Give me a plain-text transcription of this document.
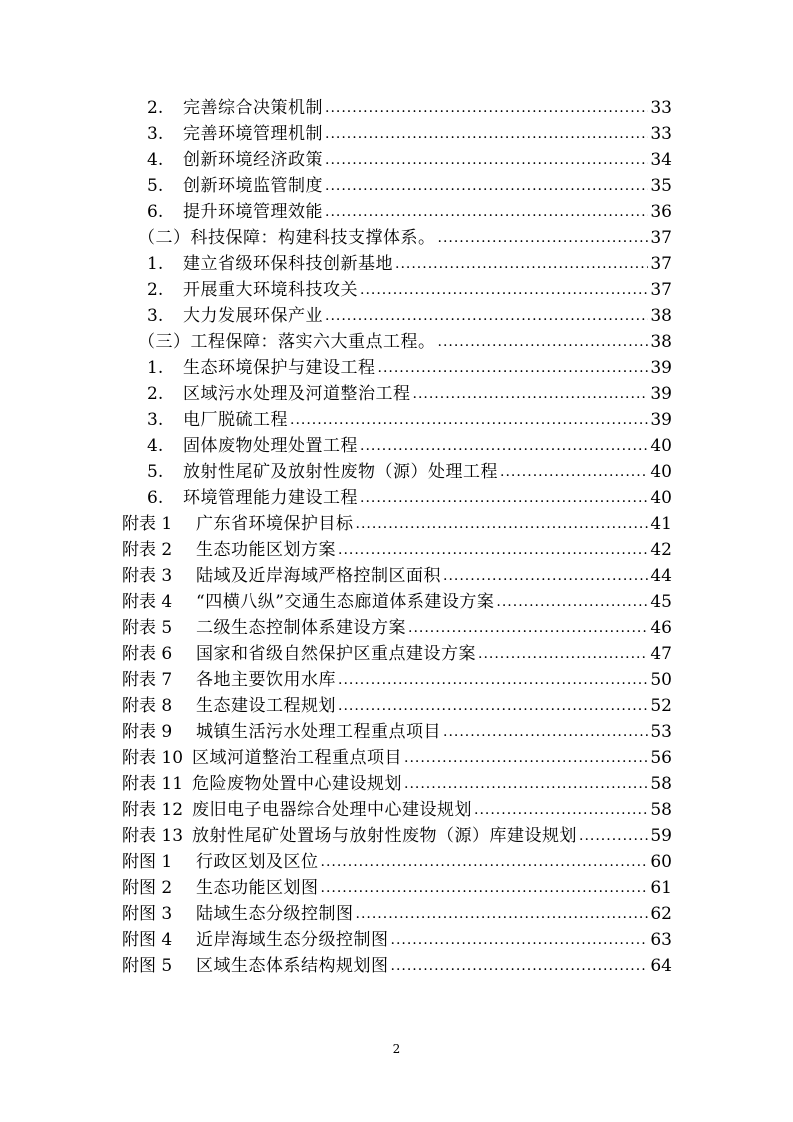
2.	完善综合决策机制 .....	33
3.	完善环境管理机制 .....	33
4.	创新环境经济政策 .....	34
5.	创新环境监管制度 .....	35
6.	提升环境管理效能 .....	36
（二）科技保障：构建科技支撑体系。 .....	37
1.	建立省级环保科技创新基地 .....	37
2.	开展重大环境科技攻关 .....	37
3.	大力发展环保产业 .....	38
（三）工程保障：落实六大重点工程。 .....	38
1.	生态环境保护与建设工程 .....	39
2.	区域污水处理及河道整治工程 .....	39
3.	电厂脱硫工程 .....	39
4.	固体废物处理处置工程 .....	40
5.	放射性尾矿及放射性废物（源）处理工程 .....	40
6.	环境管理能力建设工程 .....	40
附表 1	广东省环境保护目标 .....	41
附表 2	生态功能区划方案 .....	42
附表 3	陆域及近岸海域严格控制区面积 .....	44
附表 4	“四横八纵”交通生态廊道体系建设方案 .....	45
附表 5	二级生态控制体系建设方案 .....	46
附表 6	国家和省级自然保护区重点建设方案 .....	47
附表 7	各地主要饮用水库 .....	50
附表 8	生态建设工程规划 .....	52
附表 9	城镇生活污水处理工程重点项目 .....	53
附表 10 区域河道整治工程重点项目 .....	56
附表 11 危险废物处置中心建设规划 .....	58
附表 12 废旧电子电器综合处理中心建设规划 .....	58
附表 13 放射性尾矿处置场与放射性废物（源）库建设规划 .....	59
附图 1	行政区划及区位 .....	60
附图 2	生态功能区划图 .....	61
附图 3	陆域生态分级控制图 .....	62
附图 4	近岸海域生态分级控制图 .....	63
附图 5	区域生态体系结构规划图 .....	64
2
